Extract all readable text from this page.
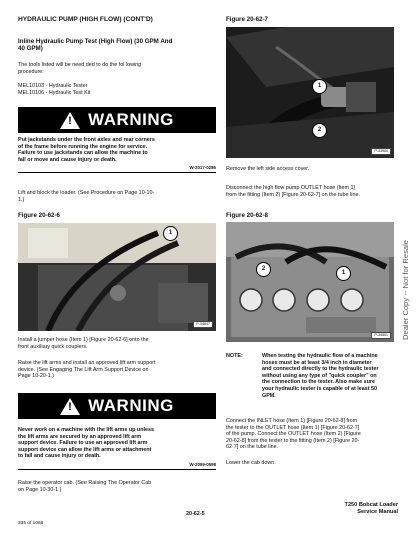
HYDRAULIC PUMP (HIGH FLOW) (CONT'D)
Inline Hydraulic Pump Test (High Flow) (30 GPM And
40 GPM)
The tools listed will be need ded to do the fol lowing
procedure:
MEL10103 - Hydraulic Tester
MEL10106 - Hydraulic Test Kit
! WARNING
Put jackstands under the front axles and rear corners
of the frame before running the engine for service.
Failure to use jackstands can allow the machine to
fall or move and cause injury or death.
W-2017-0286
Lift and block the loader. (See Procedure on Page 10-10-
1.)
Figure 20-62-6
1
P-34847
Install a jumper hose (Item 1) [Figure 20-62-6] onto the
front auxiliary quick couplers.
Raise the lift arms and install an approved lift arm support
device. (See Engaging The Lift Arm Support Device on
Page 10-20-1.)
! WARNING
Never work on a machine with the lift arms up unless
the lift arms are secured by an approved lift arm
support device. Failure to use an approved lift arm
support device can allow the lift arms or attachment
to fall and cause injury or death.
W-2059-0598
Raise the operator cab. (See Raising The Operator Cab
on Page 10-30-1.)
335 of 1066
Figure 20-62-7
1
2
P-43964
Remove the left side access cover.
Disconnect the high flow pump OUTLET hose (Item 1)
from the fitting (Item 2) [Figure 20-62-7] on the tube line.
Figure 20-62-8
2
1
P-34851
NOTE:	When testing the hydraulic flow of a machine
hoses must be at least 3/4 inch in diameter
and connected directly to the hydraulic tester
without using any type of "quick coupler" on
the connection to the tester. Also make sure
your hydraulic tester is capable of at least 50
GPM.
Connect the INLET hose (Item 1) [Figure 20-62-8] from
the tester to the OUTLET hose (Item 1) [Figure 20-62-7]
of the pump. Connect the OUTLET hose (Item 2) [Figure
20-62-8] from the tester to the fitting (Item 2) [Figure 20-
62-7] on the tube line.
Lower the cab down.
T250 Bobcat Loader
Service Manual
20-62-5
Dealer Copy -- Not for Resale
